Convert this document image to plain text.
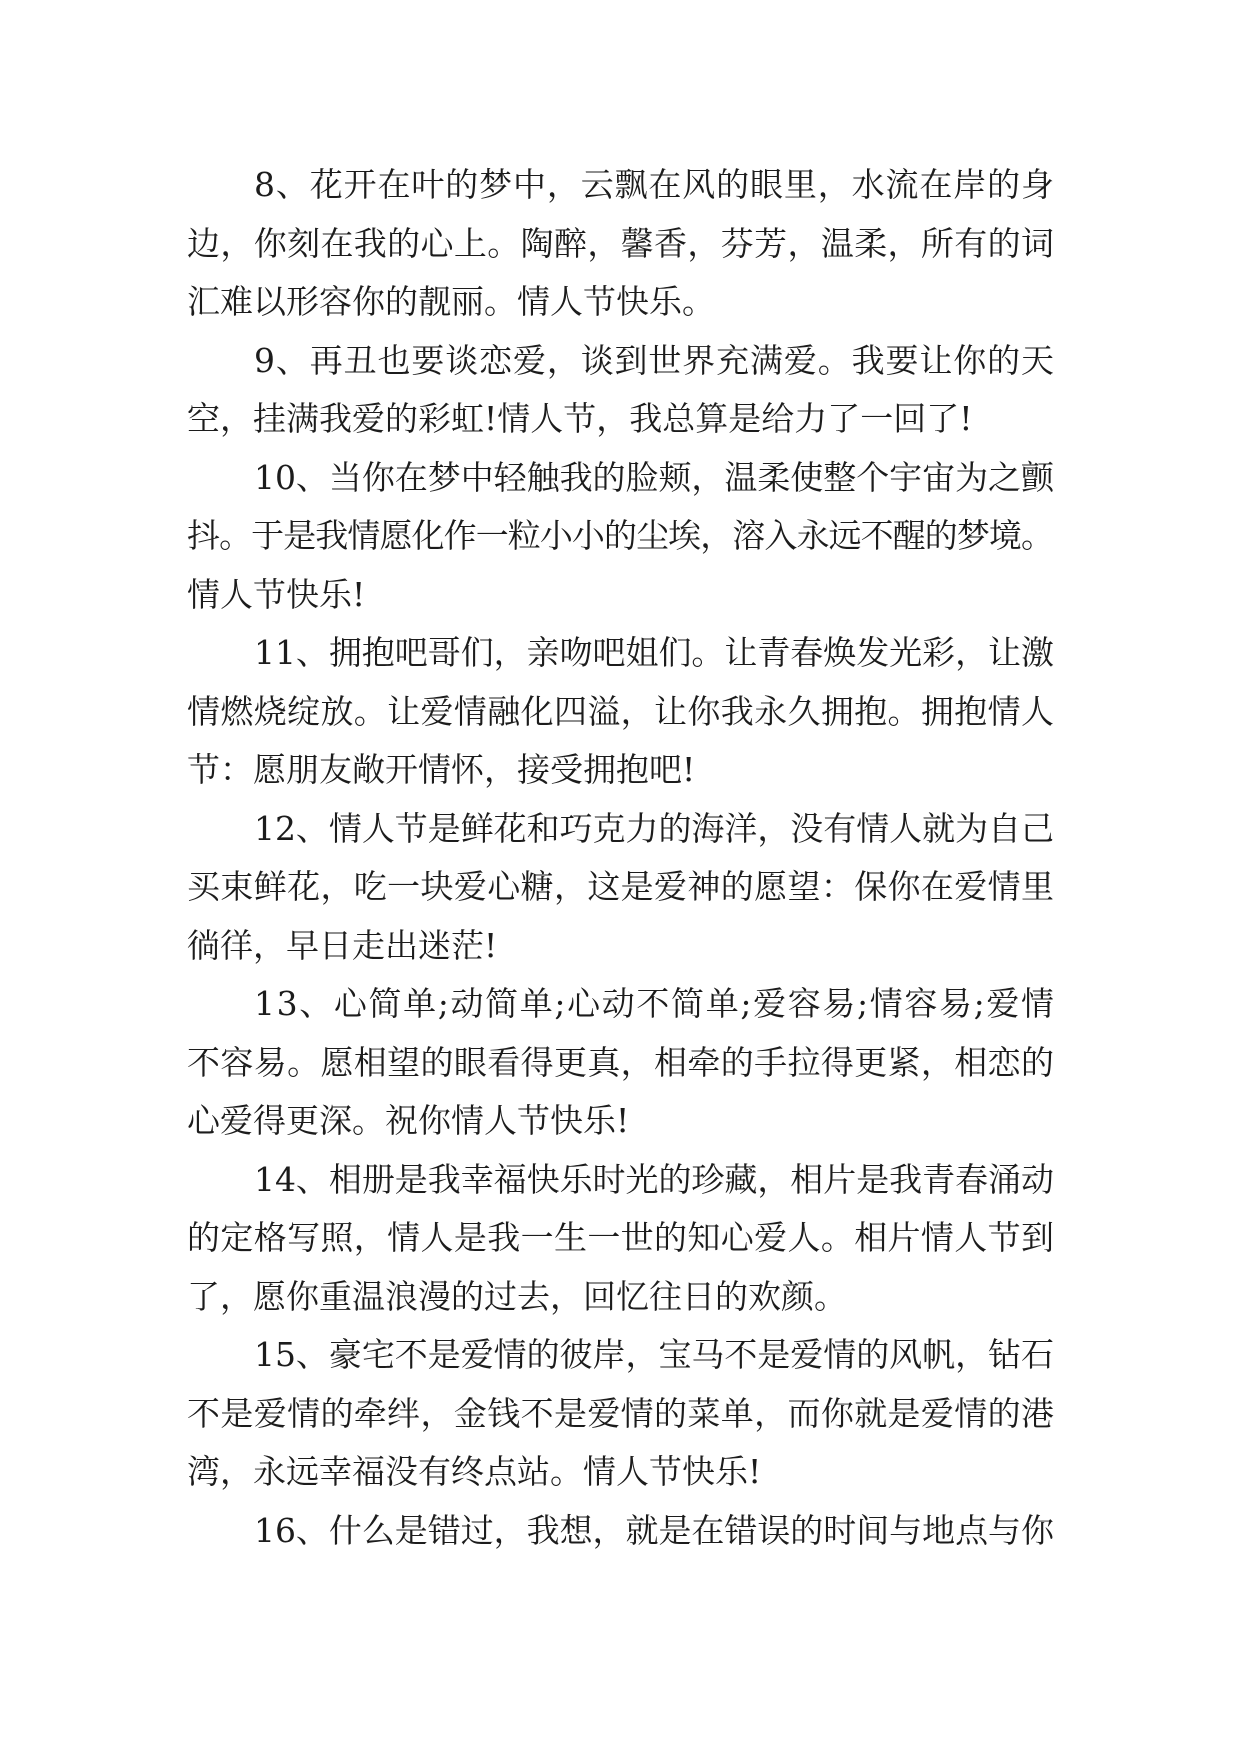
8、花开在叶的梦中，云飘在风的眼里，水流在岸的身
边，你刻在我的心上。陶醉，馨香，芬芳，温柔，所有的词
汇难以形容你的靓丽。情人节快乐。
9、再丑也要谈恋爱，谈到世界充满爱。我要让你的天
空，挂满我爱的彩虹!情人节，我总算是给力了一回了!
10、当你在梦中轻触我的脸颊，温柔使整个宇宙为之颤
抖。于是我情愿化作一粒小小的尘埃，溶入永远不醒的梦境。
情人节快乐!
11、拥抱吧哥们，亲吻吧姐们。让青春焕发光彩，让激
情燃烧绽放。让爱情融化四溢，让你我永久拥抱。拥抱情人
节：愿朋友敞开情怀，接受拥抱吧!
12、情人节是鲜花和巧克力的海洋，没有情人就为自己
买束鲜花，吃一块爱心糖，这是爱神的愿望：保你在爱情里
徜徉，早日走出迷茫!
13、心简单;动简单;心动不简单;爱容易;情容易;爱情
不容易。愿相望的眼看得更真，相牵的手拉得更紧，相恋的
心爱得更深。祝你情人节快乐!
14、相册是我幸福快乐时光的珍藏，相片是我青春涌动
的定格写照，情人是我一生一世的知心爱人。相片情人节到
了，愿你重温浪漫的过去，回忆往日的欢颜。
15、豪宅不是爱情的彼岸，宝马不是爱情的风帆，钻石
不是爱情的牵绊，金钱不是爱情的菜单，而你就是爱情的港
湾，永远幸福没有终点站。情人节快乐!
16、什么是错过，我想，就是在错误的时间与地点与你
